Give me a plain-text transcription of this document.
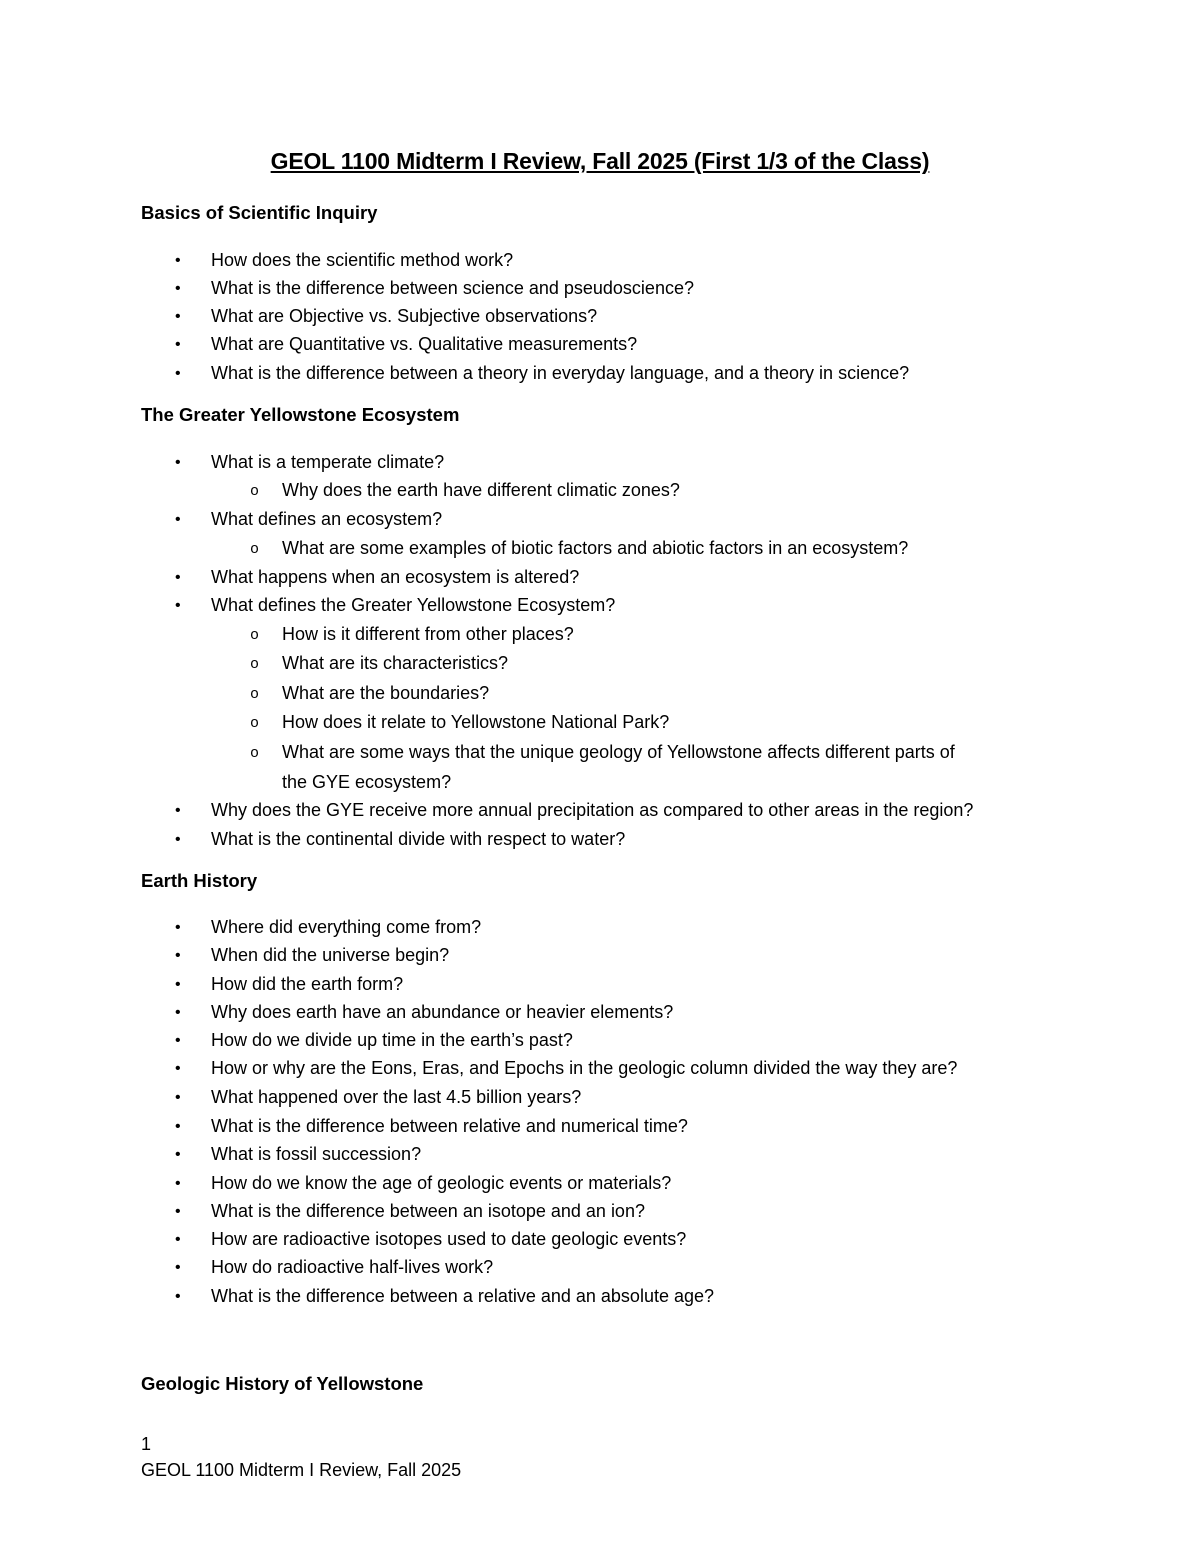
GEOL 1100 Midterm I Review, Fall 2025 (First 1/3 of the Class)
Basics of Scientific Inquiry
• How does the scientific method work?
• What is the difference between science and pseudoscience?
• What are Objective vs. Subjective observations?
• What are Quantitative vs. Qualitative measurements?
• What is the difference between a theory in everyday language, and a theory in science?
The Greater Yellowstone Ecosystem
• What is a temperate climate?
o Why does the earth have different climatic zones?
• What defines an ecosystem?
o What are some examples of biotic factors and abiotic factors in an ecosystem?
• What happens when an ecosystem is altered?
• What defines the Greater Yellowstone Ecosystem?
o How is it different from other places?
o What are its characteristics?
o What are the boundaries?
o How does it relate to Yellowstone National Park?
o What are some ways that the unique geology of Yellowstone affects different parts of
the GYE ecosystem?
• Why does the GYE receive more annual precipitation as compared to other areas in the region?
• What is the continental divide with respect to water?
Earth History
• Where did everything come from?
• When did the universe begin?
• How did the earth form?
• Why does earth have an abundance or heavier elements?
• How do we divide up time in the earth’s past?
• How or why are the Eons, Eras, and Epochs in the geologic column divided the way they are?
• What happened over the last 4.5 billion years?
• What is the difference between relative and numerical time?
• What is fossil succession?
• How do we know the age of geologic events or materials?
• What is the difference between an isotope and an ion?
• How are radioactive isotopes used to date geologic events?
• How do radioactive half-lives work?
• What is the difference between a relative and an absolute age?
Geologic History of Yellowstone
1
GEOL 1100 Midterm I Review, Fall 2025
